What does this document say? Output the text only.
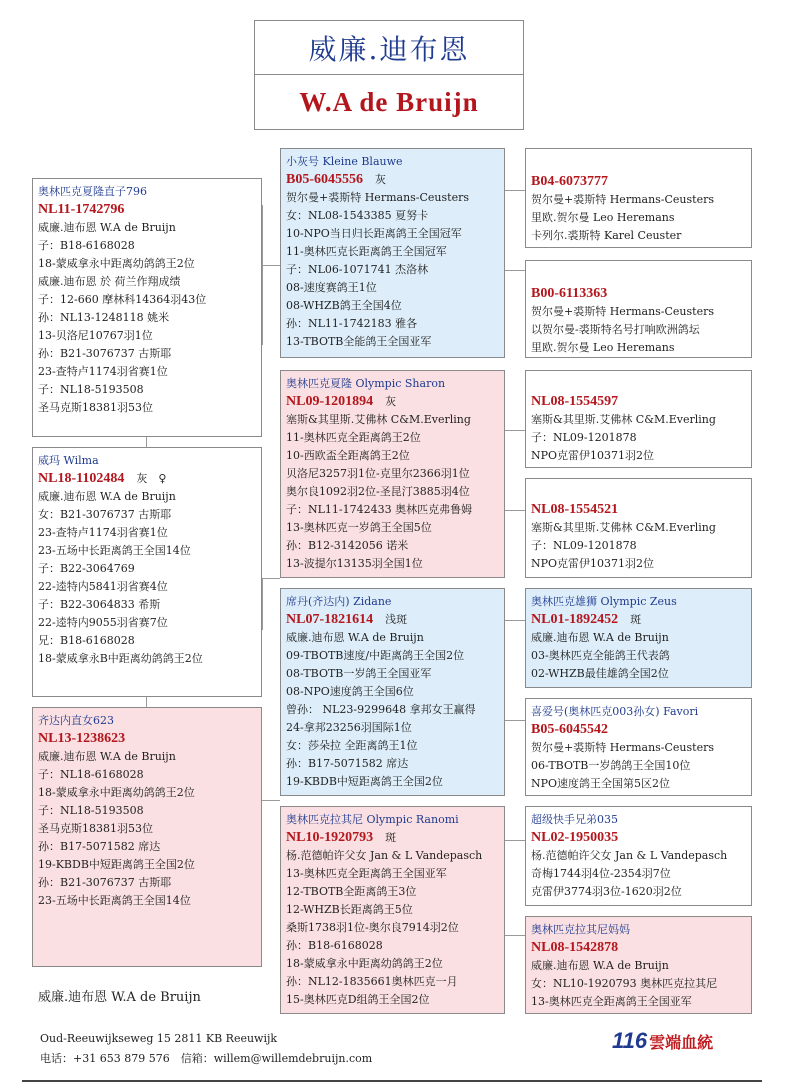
威廉.迪布恩
W.A de Bruijn
奥林匹克夏隆直子796
NL11-1742796
威廉.迪布恩 W.A de Bruijn
子：B18-6168028
18-蒙威拿永中距离幼鸽鸽王2位
威廉.迪布恩 於 荷兰作翔成绩
子：12-660 摩林科14364羽43位
孙：NL13-1248118 姚米
13-贝洛尼10767羽1位
孙：B21-3076737 古斯耶
23-查特卢1174羽省赛1位
子：NL18-5193508
圣马克斯18381羽53位
威玛 Wilma
NL18-1102484 灰　♀
威廉.迪布恩 W.A de Bruijn
女：B21-3076737 古斯耶
23-查特卢1174羽省赛1位
23-五场中长距离鸽王全国14位
子：B22-3064769
22-逵特内5841羽省赛4位
子：B22-3064833 希斯
22-逵特内9055羽省赛7位
兄：B18-6168028
18-蒙威拿永B中距离幼鸽鸽王2位
齐达内直女623
NL13-1238623
威廉.迪布恩 W.A de Bruijn
子：NL18-6168028
18-蒙威拿永中距离幼鸽鸽王2位
子：NL18-5193508
圣马克斯18381羽53位
孙：B17-5071582 席达
19-KBDB中短距离鸽王全国2位
孙：B21-3076737 古斯耶
23-五场中长距离鸽王全国14位
小灰号 Kleine Blauwe
B05-6045556 灰
贺尔曼+裘斯特 Hermans-Ceusters
女：NL08-1543385 夏努卡
10-NPO当日归长距离鸽王全国冠军
11-奥林匹克长距离鸽王全国冠军
子：NL06-1071741 杰洛林
08-速度赛鸽王1位
08-WHZB鸽王全国4位
孙：NL11-1742183 雅各
13-TBOTB全能鸽王全国亚军
奥林匹克夏隆 Olympic Sharon
NL09-1201894 灰
塞斯&其里斯.艾佛林 C&M.Everling
11-奥林匹克全距离鸽王2位
10-西欧盃全距离鸽王2位
贝洛尼3257羽1位-克里尔2366羽1位
奥尔良1092羽2位-圣昆汀3885羽4位
子：NL11-1742433 奥林匹克弗鲁姆
13-奥林匹克一岁鸽王全国5位
孙：B12-3142056 诺米
13-波提尔13135羽全国1位
席丹(齐达内) Zidane
NL07-1821614 浅斑
威廉.迪布恩 W.A de Bruijn
09-TBOTB速度/中距离鸽王全国2位
08-TBOTB一岁鸽王全国亚军
08-NPO速度鸽王全国6位
曾孙： NL23-9299648 拿邦女王赢得
24-拿邦23256羽国际1位
女：莎朵拉 全距离鸽王1位
孙：B17-5071582 席达
19-KBDB中短距离鸽王全国2位
奥林匹克拉其尼 Olympic Ranomi
NL10-1920793 斑
杨.范德帕许父女 Jan & L Vandepasch
13-奥林匹克全距离鸽王全国亚军
12-TBOTB全距离鸽王3位
12-WHZB长距离鸽王5位
桑斯1738羽1位-奥尔良7914羽2位
孙：B18-6168028
18-蒙威拿永中距离幼鸽鸽王2位
孙：NL12-1835661奥林匹克一月
15-奥林匹克D组鸽王全国2位
B04-6073777
贺尔曼+裘斯特 Hermans-Ceusters
里欧.贺尔曼 Leo Heremans
卡列尔.裘斯特 Karel Ceuster
B00-6113363
贺尔曼+裘斯特 Hermans-Ceusters
以贺尔曼-裘斯特名号打响欧洲鸽坛
里欧.贺尔曼 Leo Heremans
NL08-1554597
塞斯&其里斯.艾佛林 C&M.Everling
子：NL09-1201878
NPO克雷伊10371羽2位
NL08-1554521
塞斯&其里斯.艾佛林 C&M.Everling
子：NL09-1201878
NPO克雷伊10371羽2位
奥林匹克雄狮 Olympic Zeus
NL01-1892452 斑
威廉.迪布恩 W.A de Bruijn
03-奥林匹克全能鸽王代表鸽
02-WHZB最佳雄鸽全国2位
喜爱号(奥林匹克003孙女) Favori
B05-6045542
贺尔曼+裘斯特 Hermans-Ceusters
06-TBOTB一岁鸽鸽王全国10位
NPO速度鸽王全国第5区2位
超级快手兄弟035
NL02-1950035
杨.范德帕许父女 Jan & L Vandepasch
奇梅1744羽4位-2354羽7位
克雷伊3774羽3位-1620羽2位
奥林匹克拉其尼妈妈
NL08-1542878
威廉.迪布恩 W.A de Bruijn
女：NL10-1920793 奥林匹克拉其尼
13-奥林匹克全距离鸽王全国亚军
威廉.迪布恩 W.A de Bruijn
Oud-Reeuwijkseweg 15 2811 KB Reeuwijk
电话：+31 653 879 576　信箱：willem@willemdebruijn.com
116 雲端血統
